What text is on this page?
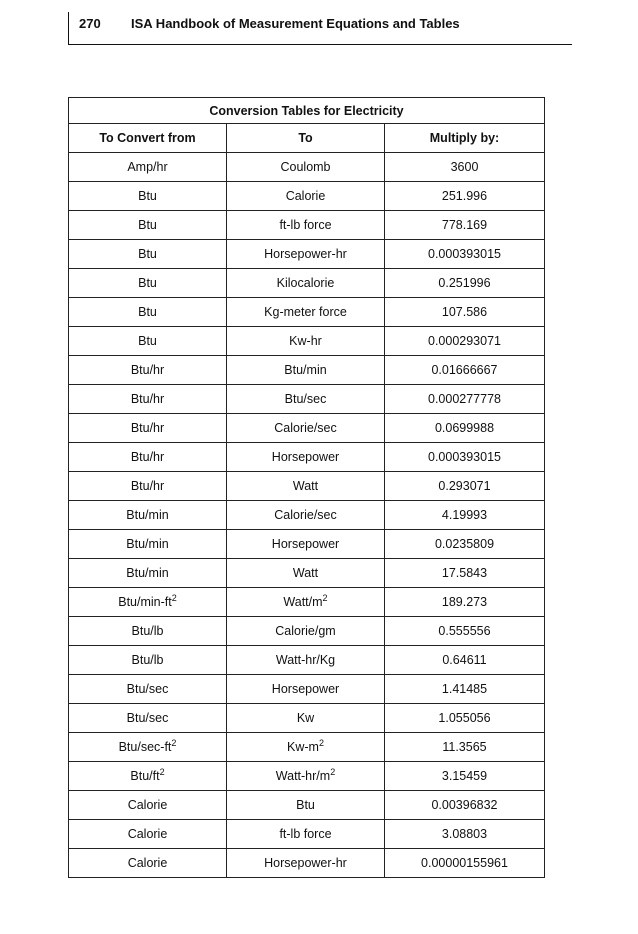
270 ISA Handbook of Measurement Equations and Tables
Conversion Tables for Electricity		
To Convert from	To	Multiply by:
Amp/hr	Coulomb	3600
Btu	Calorie	251.996
Btu	ft-lb force	778.169
Btu	Horsepower-hr	0.000393015
Btu	Kilocalorie	0.251996
Btu	Kg-meter force	107.586
Btu	Kw-hr	0.000293071
Btu/hr	Btu/min	0.01666667
Btu/hr	Btu/sec	0.000277778
Btu/hr	Calorie/sec	0.0699988
Btu/hr	Horsepower	0.000393015
Btu/hr	Watt	0.293071
Btu/min	Calorie/sec	4.19993
Btu/min	Horsepower	0.0235809
Btu/min	Watt	17.5843
Btu/$\min-ft^2$	Watt/$m^2$	189.273
Btu/lb	Calorie/gm	0.555556
Btu/lb	Watt-hr/Kg	0.64611
Btu/sec	Horsepower	1.41485
Btu/sec	Kw	1.055056
Btu/$\sec-ft^2$	$Kw-m^2$	11.3565
Btu/$ft^2$	Watt-$hr/m^2$	3.15459
Calorie	Btu	0.00396832
Calorie	ft-lb force	3.08803
Calorie	Horsepower-hr	0.00000155961
